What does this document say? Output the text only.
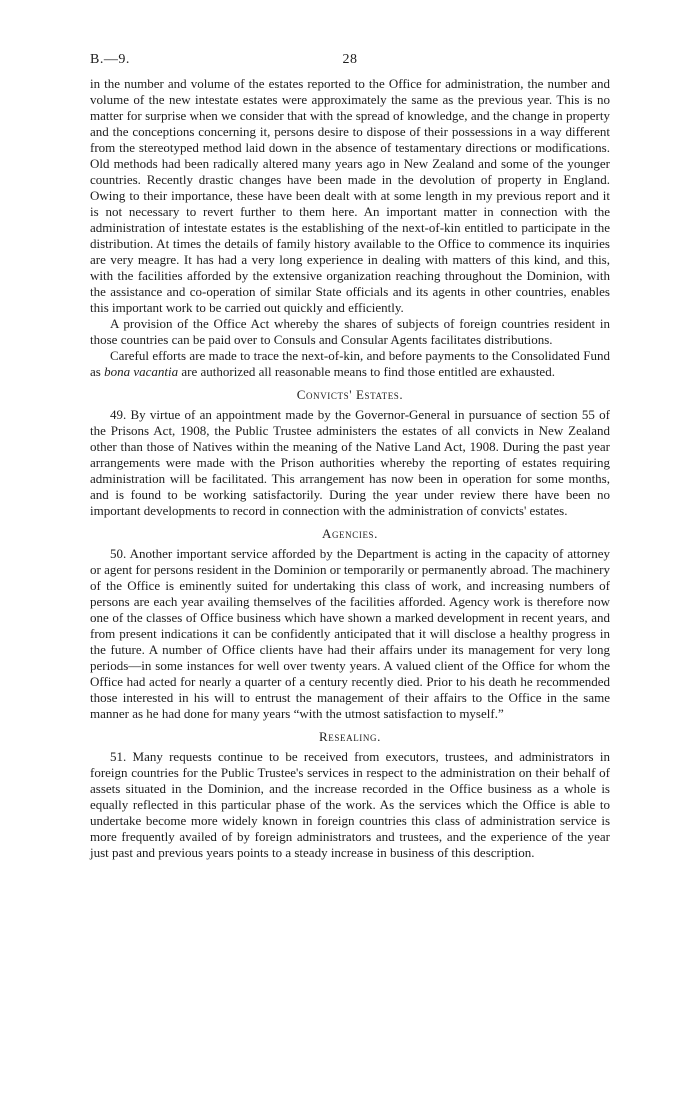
B.—9.	28

in the number and volume of the estates reported to the Office for administration, the number and volume of the new intestate estates were approximately the same as the previous year. This is no matter for surprise when we consider that with the spread of knowledge, and the change in property and the conceptions concerning it, persons desire to dispose of their possessions in a way different from the stereotyped method laid down in the absence of testamentary directions or modifications. Old methods had been radically altered many years ago in New Zealand and some of the younger countries. Recently drastic changes have been made in the devolution of property in England. Owing to their importance, these have been dealt with at some length in my previous report and it is not necessary to revert further to them here. An important matter in connection with the administration of intestate estates is the establishing of the next-of-kin entitled to participate in the distribution. At times the details of family history available to the Office to commence its inquiries are very meagre. It has had a very long experience in dealing with matters of this kind, and this, with the facilities afforded by the extensive organization reaching throughout the Dominion, with the assistance and co-operation of similar State officials and its agents in other countries, enables this important work to be carried out quickly and efficiently.

A provision of the Office Act whereby the shares of subjects of foreign countries resident in those countries can be paid over to Consuls and Consular Agents facilitates distributions.

Careful efforts are made to trace the next-of-kin, and before payments to the Consolidated Fund as bona vacantia are authorized all reasonable means to find those entitled are exhausted.

Convicts' Estates.

49. By virtue of an appointment made by the Governor-General in pursuance of section 55 of the Prisons Act, 1908, the Public Trustee administers the estates of all convicts in New Zealand other than those of Natives within the meaning of the Native Land Act, 1908. During the past year arrangements were made with the Prison authorities whereby the reporting of estates requiring administration will be facilitated. This arrangement has now been in operation for some months, and is found to be working satisfactorily. During the year under review there have been no important developments to record in connection with the administration of convicts' estates.

Agencies.

50. Another important service afforded by the Department is acting in the capacity of attorney or agent for persons resident in the Dominion or temporarily or permanently abroad. The machinery of the Office is eminently suited for undertaking this class of work, and increasing numbers of persons are each year availing themselves of the facilities afforded. Agency work is therefore now one of the classes of Office business which have shown a marked development in recent years, and from present indications it can be confidently anticipated that it will disclose a healthy progress in the future. A number of Office clients have had their affairs under its management for very long periods—in some instances for well over twenty years. A valued client of the Office for whom the Office had acted for nearly a quarter of a century recently died. Prior to his death he recommended those interested in his will to entrust the management of their affairs to the Office in the same manner as he had done for many years “with the utmost satisfaction to myself.”

Resealing.

51. Many requests continue to be received from executors, trustees, and administrators in foreign countries for the Public Trustee's services in respect to the administration on their behalf of assets situated in the Dominion, and the increase recorded in the Office business as a whole is equally reflected in this particular phase of the work. As the services which the Office is able to undertake become more widely known in foreign countries this class of administration service is more frequently availed of by foreign administrators and trustees, and the experience of the year just past and previous years points to a steady increase in business of this description.
